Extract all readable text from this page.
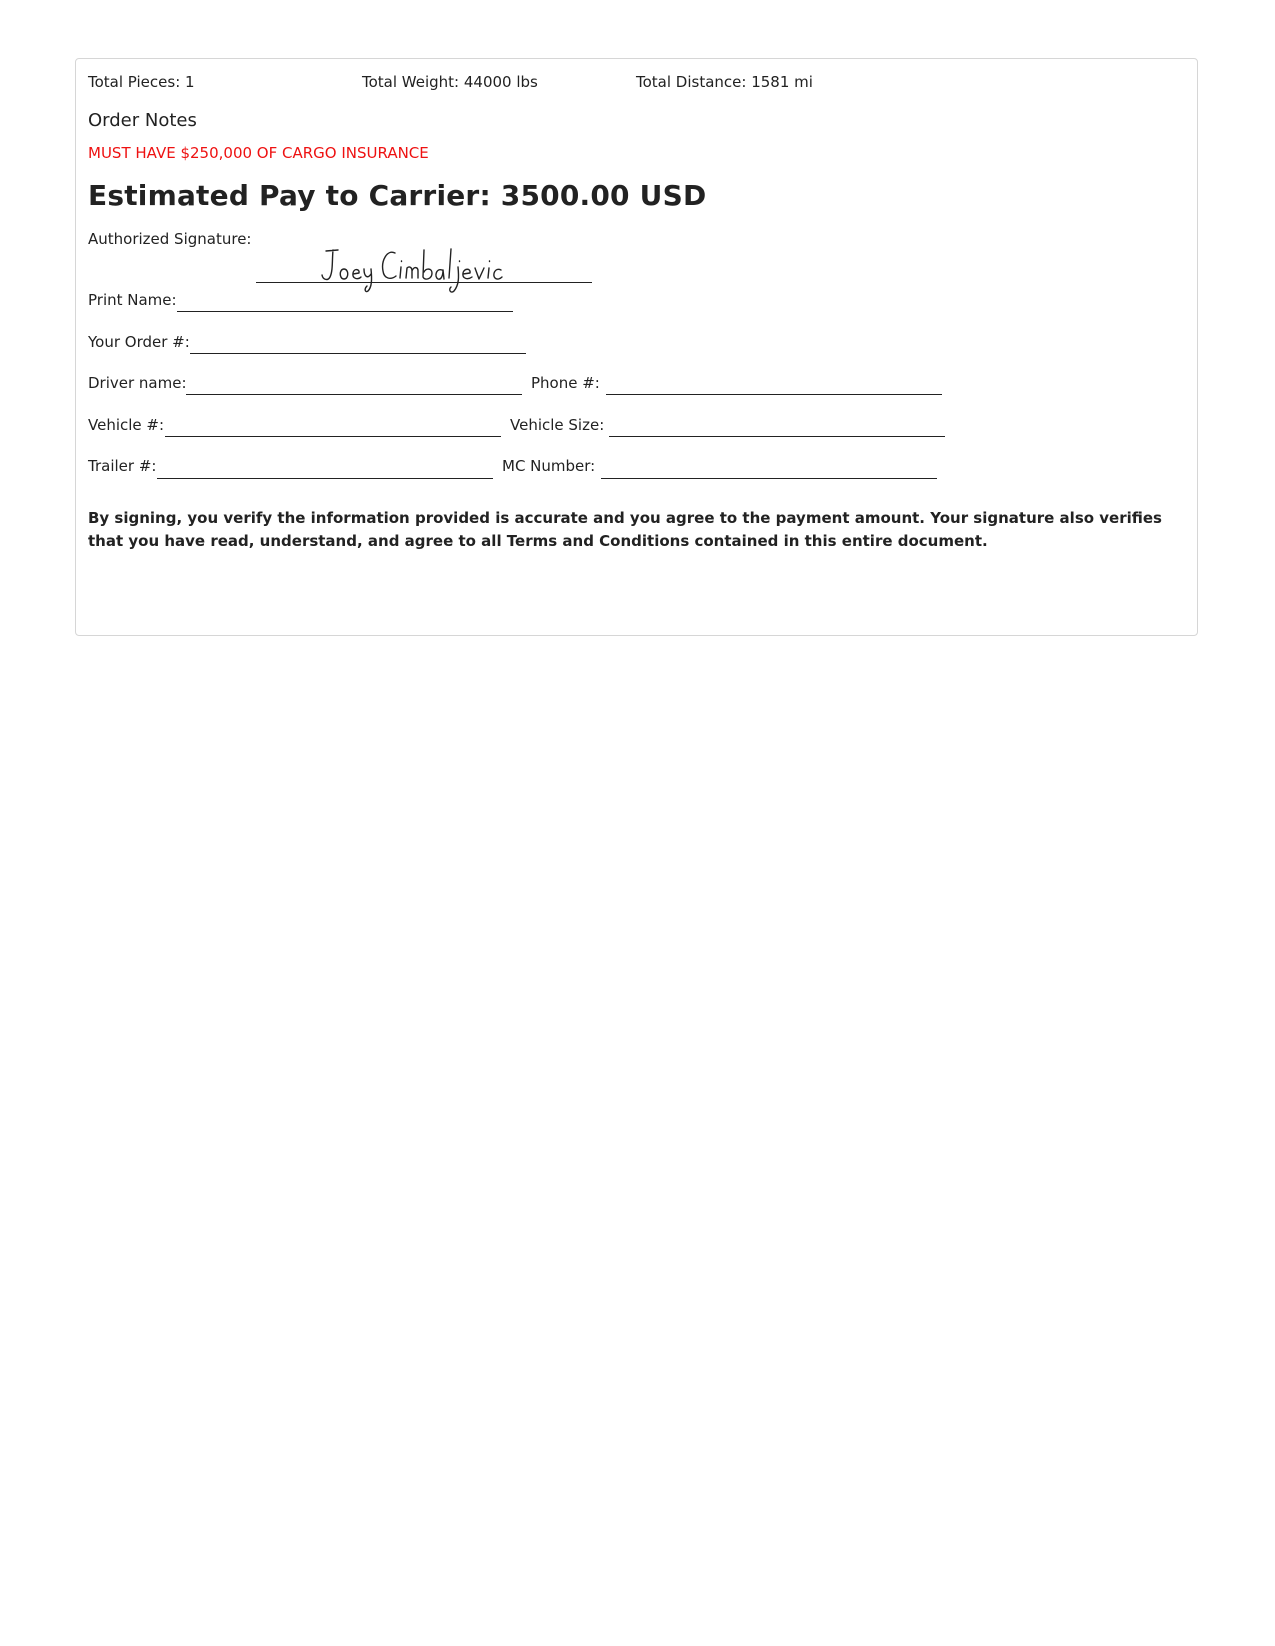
Total Pieces: 1	Total Weight: 44000 lbs	Total Distance: 1581 mi
Order Notes
MUST HAVE $250,000 OF CARGO INSURANCE
Estimated Pay to Carrier: 3500.00 USD
Authorized Signature:
Print Name:
Your Order #:
Driver name:	Phone #:
Vehicle #:	Vehicle Size:
Trailer #:	MC Number:
By signing, you verify the information provided is accurate and you agree to the payment amount. Your signature also verifies that you have read, understand, and agree to all Terms and Conditions contained in this entire document.
